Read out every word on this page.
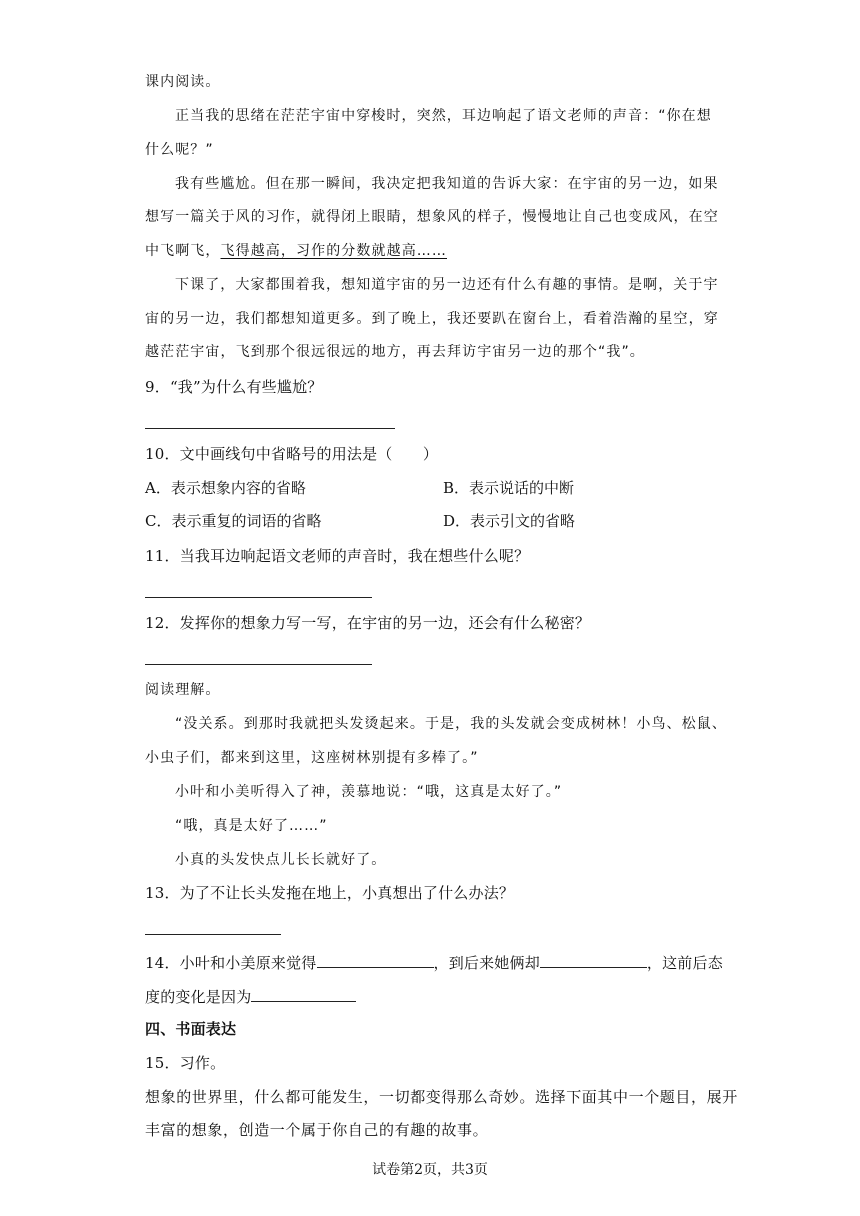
课内阅读。
正当我的思绪在茫茫宇宙中穿梭时，突然，耳边响起了语文老师的声音：“你在想
什么呢？”
我有些尴尬。但在那一瞬间，我决定把我知道的告诉大家：在宇宙的另一边，如果
想写一篇关于风的习作，就得闭上眼睛，想象风的样子，慢慢地让自己也变成风，在空
中飞啊飞，飞得越高，习作的分数就越高……
下课了，大家都围着我，想知道宇宙的另一边还有什么有趣的事情。是啊，关于宇
宙的另一边，我们都想知道更多。到了晚上，我还要趴在窗台上，看着浩瀚的星空，穿
越茫茫宇宙，飞到那个很远很远的地方，再去拜访宇宙另一边的那个“我”。
9．“我”为什么有些尴尬？
10．文中画线句中省略号的用法是（　　）
A．表示想象内容的省略	B．表示说话的中断
C．表示重复的词语的省略	D．表示引文的省略
11．当我耳边响起语文老师的声音时，我在想些什么呢？
12．发挥你的想象力写一写，在宇宙的另一边，还会有什么秘密？
阅读理解。
“没关系。到那时我就把头发烫起来。于是，我的头发就会变成树林！小鸟、松鼠、
小虫子们，都来到这里，这座树林别提有多棒了。”
小叶和小美听得入了神，羡慕地说：“哦，这真是太好了。”
“哦，真是太好了……”
小真的头发快点儿长长就好了。
13．为了不让长头发拖在地上，小真想出了什么办法？
14．小叶和小美原来觉得	，到后来她俩却	，这前后态
度的变化是因为
四、书面表达
15．习作。
想象的世界里，什么都可能发生，一切都变得那么奇妙。选择下面其中一个题目，展开
丰富的想象，创造一个属于你自己的有趣的故事。
试卷第2页，共3页
